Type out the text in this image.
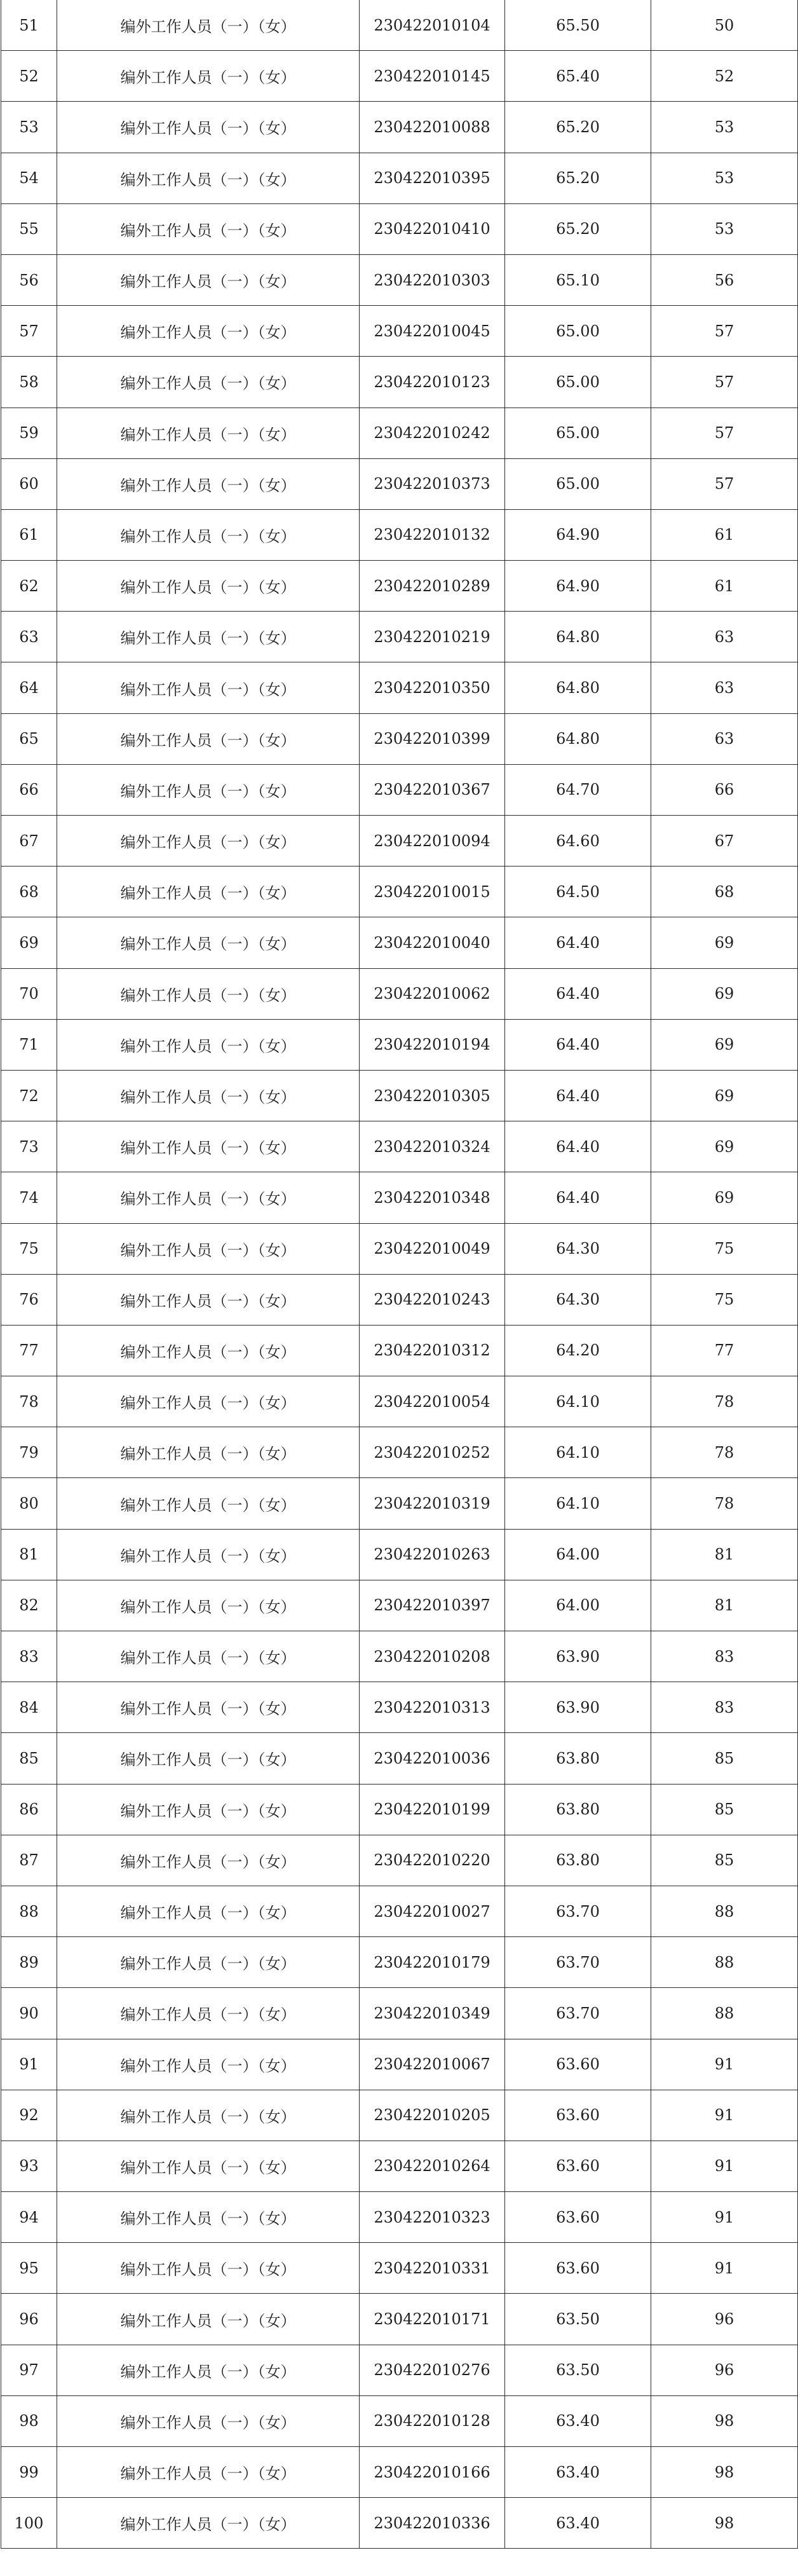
51	编外工作人员（一）（女）	230422010104	65.50	50
52	编外工作人员（一）（女）	230422010145	65.40	52
53	编外工作人员（一）（女）	230422010088	65.20	53
54	编外工作人员（一）（女）	230422010395	65.20	53
55	编外工作人员（一）（女）	230422010410	65.20	53
56	编外工作人员（一）（女）	230422010303	65.10	56
57	编外工作人员（一）（女）	230422010045	65.00	57
58	编外工作人员（一）（女）	230422010123	65.00	57
59	编外工作人员（一）（女）	230422010242	65.00	57
60	编外工作人员（一）（女）	230422010373	65.00	57
61	编外工作人员（一）（女）	230422010132	64.90	61
62	编外工作人员（一）（女）	230422010289	64.90	61
63	编外工作人员（一）（女）	230422010219	64.80	63
64	编外工作人员（一）（女）	230422010350	64.80	63
65	编外工作人员（一）（女）	230422010399	64.80	63
66	编外工作人员（一）（女）	230422010367	64.70	66
67	编外工作人员（一）（女）	230422010094	64.60	67
68	编外工作人员（一）（女）	230422010015	64.50	68
69	编外工作人员（一）（女）	230422010040	64.40	69
70	编外工作人员（一）（女）	230422010062	64.40	69
71	编外工作人员（一）（女）	230422010194	64.40	69
72	编外工作人员（一）（女）	230422010305	64.40	69
73	编外工作人员（一）（女）	230422010324	64.40	69
74	编外工作人员（一）（女）	230422010348	64.40	69
75	编外工作人员（一）（女）	230422010049	64.30	75
76	编外工作人员（一）（女）	230422010243	64.30	75
77	编外工作人员（一）（女）	230422010312	64.20	77
78	编外工作人员（一）（女）	230422010054	64.10	78
79	编外工作人员（一）（女）	230422010252	64.10	78
80	编外工作人员（一）（女）	230422010319	64.10	78
81	编外工作人员（一）（女）	230422010263	64.00	81
82	编外工作人员（一）（女）	230422010397	64.00	81
83	编外工作人员（一）（女）	230422010208	63.90	83
84	编外工作人员（一）（女）	230422010313	63.90	83
85	编外工作人员（一）（女）	230422010036	63.80	85
86	编外工作人员（一）（女）	230422010199	63.80	85
87	编外工作人员（一）（女）	230422010220	63.80	85
88	编外工作人员（一）（女）	230422010027	63.70	88
89	编外工作人员（一）（女）	230422010179	63.70	88
90	编外工作人员（一）（女）	230422010349	63.70	88
91	编外工作人员（一）（女）	230422010067	63.60	91
92	编外工作人员（一）（女）	230422010205	63.60	91
93	编外工作人员（一）（女）	230422010264	63.60	91
94	编外工作人员（一）（女）	230422010323	63.60	91
95	编外工作人员（一）（女）	230422010331	63.60	91
96	编外工作人员（一）（女）	230422010171	63.50	96
97	编外工作人员（一）（女）	230422010276	63.50	96
98	编外工作人员（一）（女）	230422010128	63.40	98
99	编外工作人员（一）（女）	230422010166	63.40	98
100	编外工作人员（一）（女）	230422010336	63.40	98
